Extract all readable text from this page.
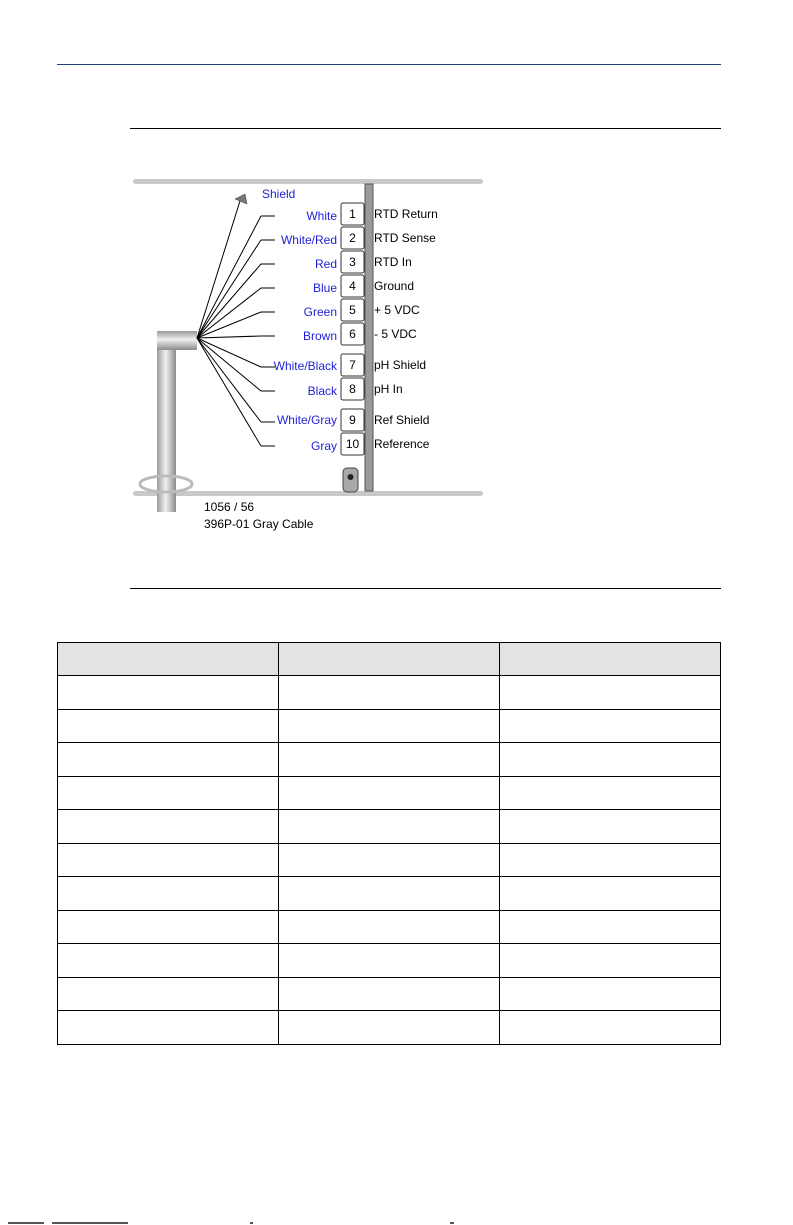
Shield
White 1 RTD Return
White/Red 2 RTD Sense
Red 3 RTD In
Blue 4 Ground
Green 5 + 5 VDC
Brown 6 - 5 VDC
White/Black 7 pH Shield
Black 8 pH In
White/Gray 9 Ref Shield
Gray 10 Reference
1056 / 56
396P-01 Gray Cable
